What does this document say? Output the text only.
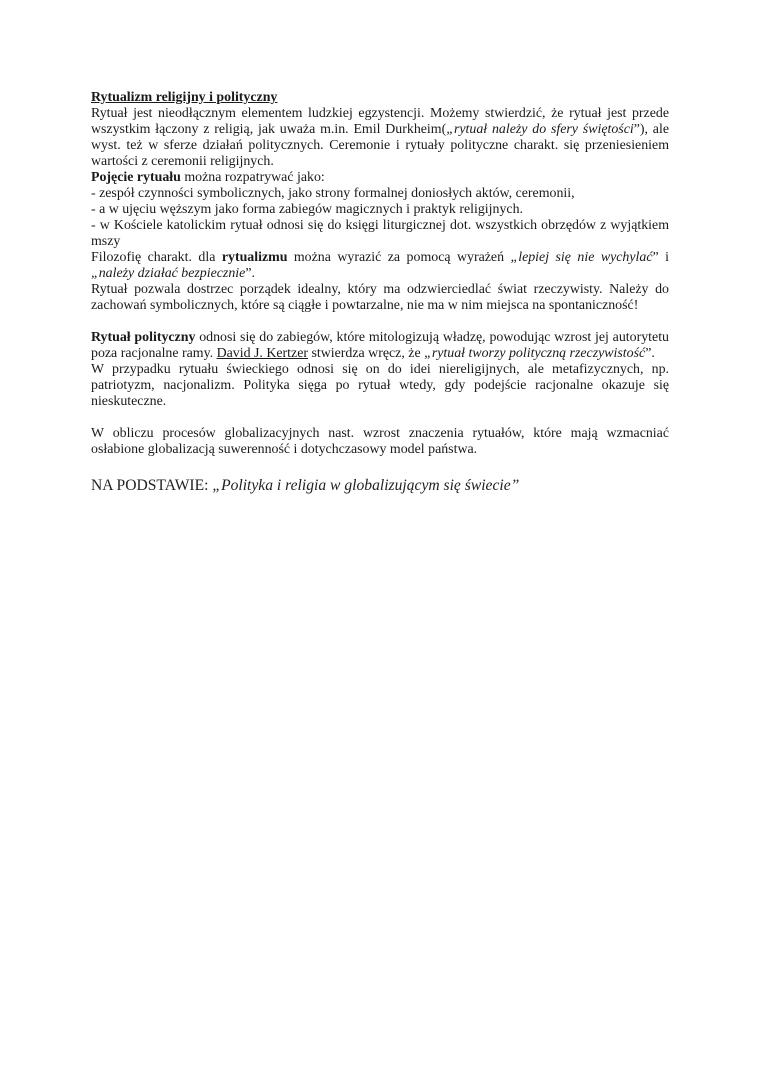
Rytualizm religijny i polityczny

Rytuał jest nieodłącznym elementem ludzkiej egzystencji. Możemy stwierdzić, że rytuał jest przede wszystkim łączony z religią, jak uważa m.in. Emil Durkheim(„rytuał należy do sfery świętości”), ale wyst. też w sferze działań politycznych. Ceremonie i rytuały polityczne charakt. się przeniesieniem wartości z ceremonii religijnych.

Pojęcie rytuału można rozpatrywać jako:

- zespół czynności symbolicznych, jako strony formalnej doniosłych aktów, ceremonii,

- a w ujęciu węższym jako forma zabiegów magicznych i praktyk religijnych.

- w Kościele katolickim rytuał odnosi się do księgi liturgicznej dot. wszystkich obrzędów z wyjątkiem mszy

Filozofię charakt. dla rytualizmu można wyrazić za pomocą wyrażeń „lepiej się nie wychylać” i „należy działać bezpiecznie”.

Rytuał pozwala dostrzec porządek idealny, który ma odzwierciedlać świat rzeczywisty. Należy do zachowań symbolicznych, które są ciągłe i powtarzalne, nie ma w nim miejsca na spontaniczność!

Rytuał polityczny odnosi się do zabiegów, które mitologizują władzę, powodując wzrost jej autorytetu poza racjonalne ramy. David J. Kertzer stwierdza wręcz, że „rytuał tworzy polityczną rzeczywistość”.

W przypadku rytuału świeckiego odnosi się on do idei niereligijnych, ale metafizycznych, np. patriotyzm, nacjonalizm. Polityka sięga po rytuał wtedy, gdy podejście racjonalne okazuje się nieskuteczne.

W obliczu procesów globalizacyjnych nast. wzrost znaczenia rytuałów, które mają wzmacniać osłabione globalizacją suwerenność i dotychczasowy model państwa.

NA PODSTAWIE: „Polityka i religia w globalizującym się świecie”
